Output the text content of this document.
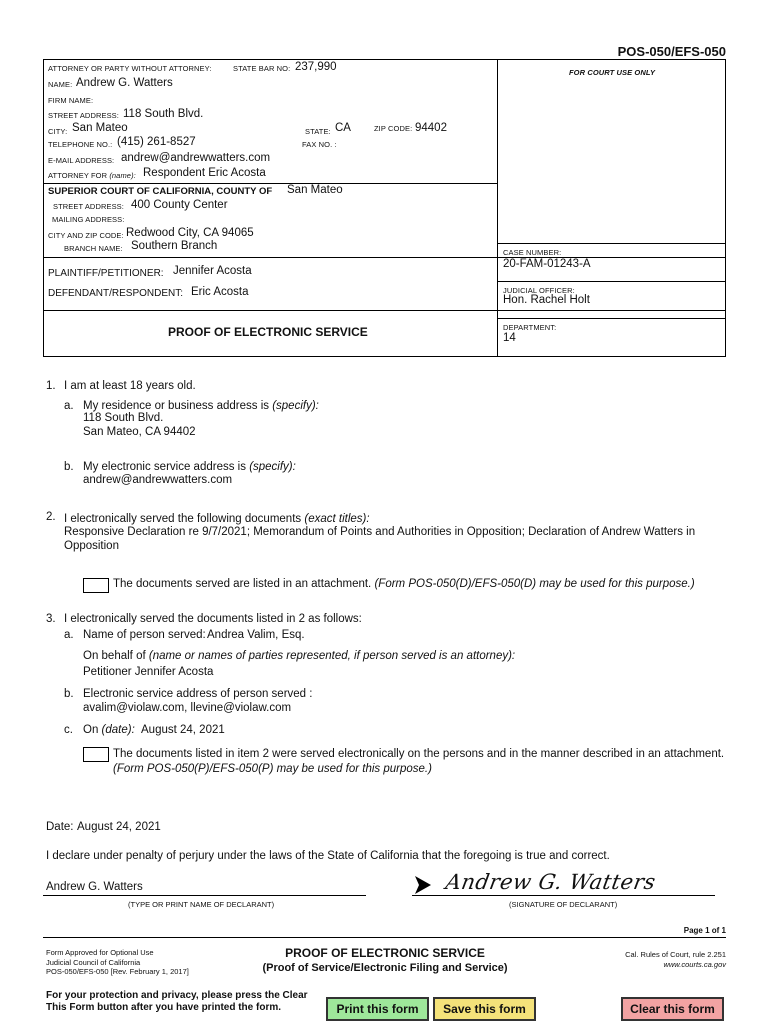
POS-050/EFS-050
ATTORNEY OR PARTY WITHOUT ATTORNEY:	STATE BAR NO: 237,990	FOR COURT USE ONLY
NAME: Andrew G. Watters
FIRM NAME:
STREET ADDRESS: 118 South Blvd.
CITY: San Mateo	STATE: CA	ZIP CODE: 94402
TELEPHONE NO.: (415) 261-8527	FAX NO. :
E-MAIL ADDRESS: andrew@andrewwatters.com
ATTORNEY FOR (name): Respondent Eric Acosta
SUPERIOR COURT OF CALIFORNIA, COUNTY OF San Mateo
STREET ADDRESS: 400 County Center
MAILING ADDRESS:
CITY AND ZIP CODE: Redwood City, CA 94065
BRANCH NAME: Southern Branch
CASE NUMBER:
20-FAM-01243-A
JUDICIAL OFFICER:
Hon. Rachel Holt
DEPARTMENT:
14
PLAINTIFF/PETITIONER: Jennifer Acosta
DEFENDANT/RESPONDENT: Eric Acosta
PROOF OF ELECTRONIC SERVICE
1. I am at least 18 years old.
a. My residence or business address is (specify):
118 South Blvd.
San Mateo, CA 94402
b. My electronic service address is (specify):
andrew@andrewwatters.com
2. I electronically served the following documents (exact titles):
Responsive Declaration re 9/7/2021; Memorandum of Points and Authorities in Opposition; Declaration of Andrew Watters in
Opposition
The documents served are listed in an attachment. (Form POS-050(D)/EFS-050(D) may be used for this purpose.)
3. I electronically served the documents listed in 2 as follows:
a. Name of person served: Andrea Valim, Esq.
On behalf of (name or names of parties represented, if person served is an attorney):
Petitioner Jennifer Acosta
b. Electronic service address of person served :
avalim@violaw.com, llevine@violaw.com
c. On (date): August 24, 2021
The documents listed in item 2 were served electronically on the persons and in the manner described in an attachment.
(Form POS-050(P)/EFS-050(P) may be used for this purpose.)
Date: August 24, 2021
I declare under penalty of perjury under the laws of the State of California that the foregoing is true and correct.
Andrew G. Watters
(TYPE OR PRINT NAME OF DECLARANT)
Andrew G. Watters
(SIGNATURE OF DECLARANT)
Page 1 of 1
Form Approved for Optional Use
Judicial Council of California
POS-050/EFS-050 [Rev. February 1, 2017]
PROOF OF ELECTRONIC SERVICE
(Proof of Service/Electronic Filing and Service)
Cal. Rules of Court, rule 2.251
www.courts.ca.gov
For your protection and privacy, please press the Clear
This Form button after you have printed the form.	Print this form	Save this form	Clear this form
